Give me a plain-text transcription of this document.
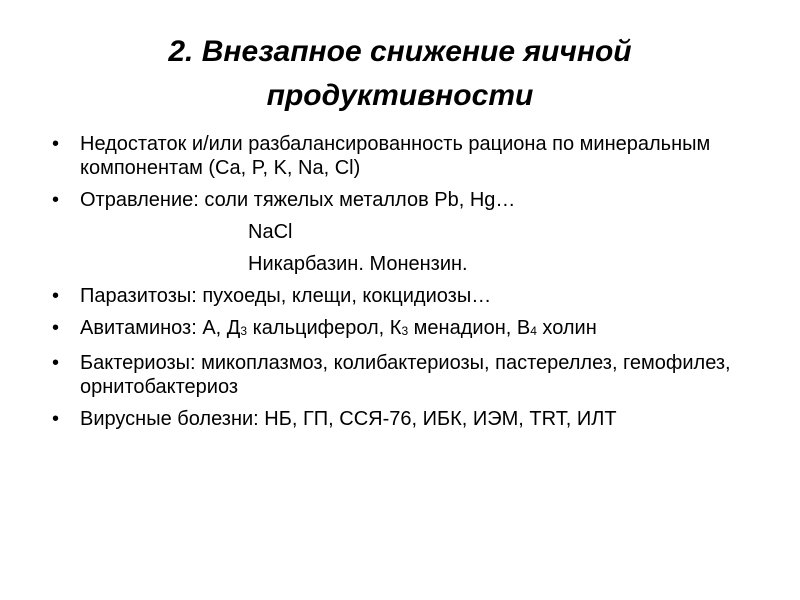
2. Внезапное снижение яичной
продуктивности
•	Недостаток и/или разбалансированность рациона по минеральным компонентам (Ca, P, K, Na, Cl)
•	Отравление: соли тяжелых металлов Pb, Hg…
NaCl
Никарбазин. Монензин.
•	Паразитозы: пухоеды, клещи, кокцидиозы…
•	Авитаминоз: А, Д3 кальциферол, К3 менадион, В4 холин
•	Бактериозы: микоплазмоз, колибактериозы, пастереллез, гемофилез, орнитобактериоз
•	Вирусные болезни: НБ, ГП, ССЯ-76, ИБК, ИЭМ, TRT, ИЛТ
